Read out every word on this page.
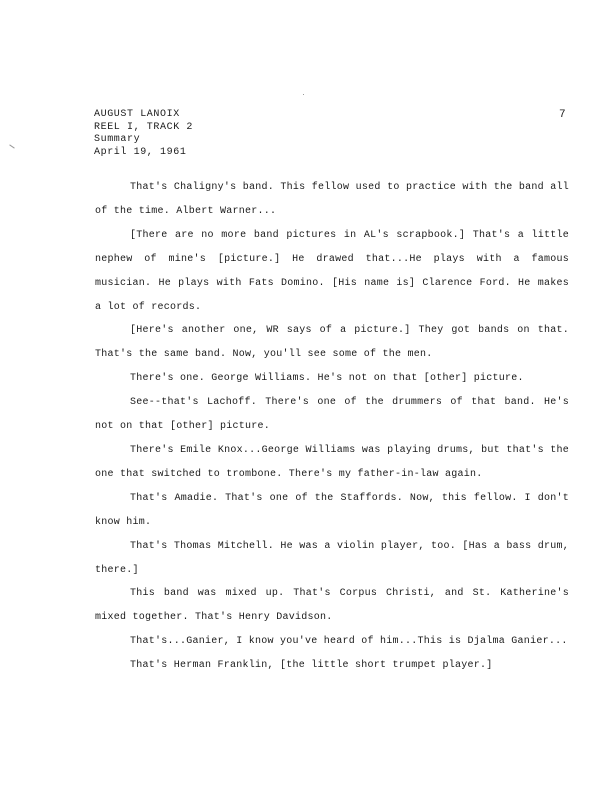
AUGUST LANOIX
REEL I, TRACK 2
Summary
April 19, 1961
7

That's Chaligny's band. This fellow used to practice with the band all of the time. Albert Warner...

[There are no more band pictures in AL's scrapbook.] That's a little nephew of mine's [picture.] He drawed that...He plays with a famous musician. He plays with Fats Domino. [His name is] Clarence Ford. He makes a lot of records.

[Here's another one, WR says of a picture.] They got bands on that. That's the same band. Now, you'll see some of the men.

There's one. George Williams. He's not on that [other] picture.

See--that's Lachoff. There's one of the drummers of that band. He's not on that [other] picture.

There's Emile Knox...George Williams was playing drums, but that's the one that switched to trombone. There's my father-in-law again.

That's Amadie. That's one of the Staffords. Now, this fellow. I don't know him.

That's Thomas Mitchell. He was a violin player, too. [Has a bass drum, there.]

This band was mixed up. That's Corpus Christi, and St. Katherine's mixed together. That's Henry Davidson.

That's...Ganier, I know you've heard of him...This is Djalma Ganier...

That's Herman Franklin, [the little short trumpet player.]
